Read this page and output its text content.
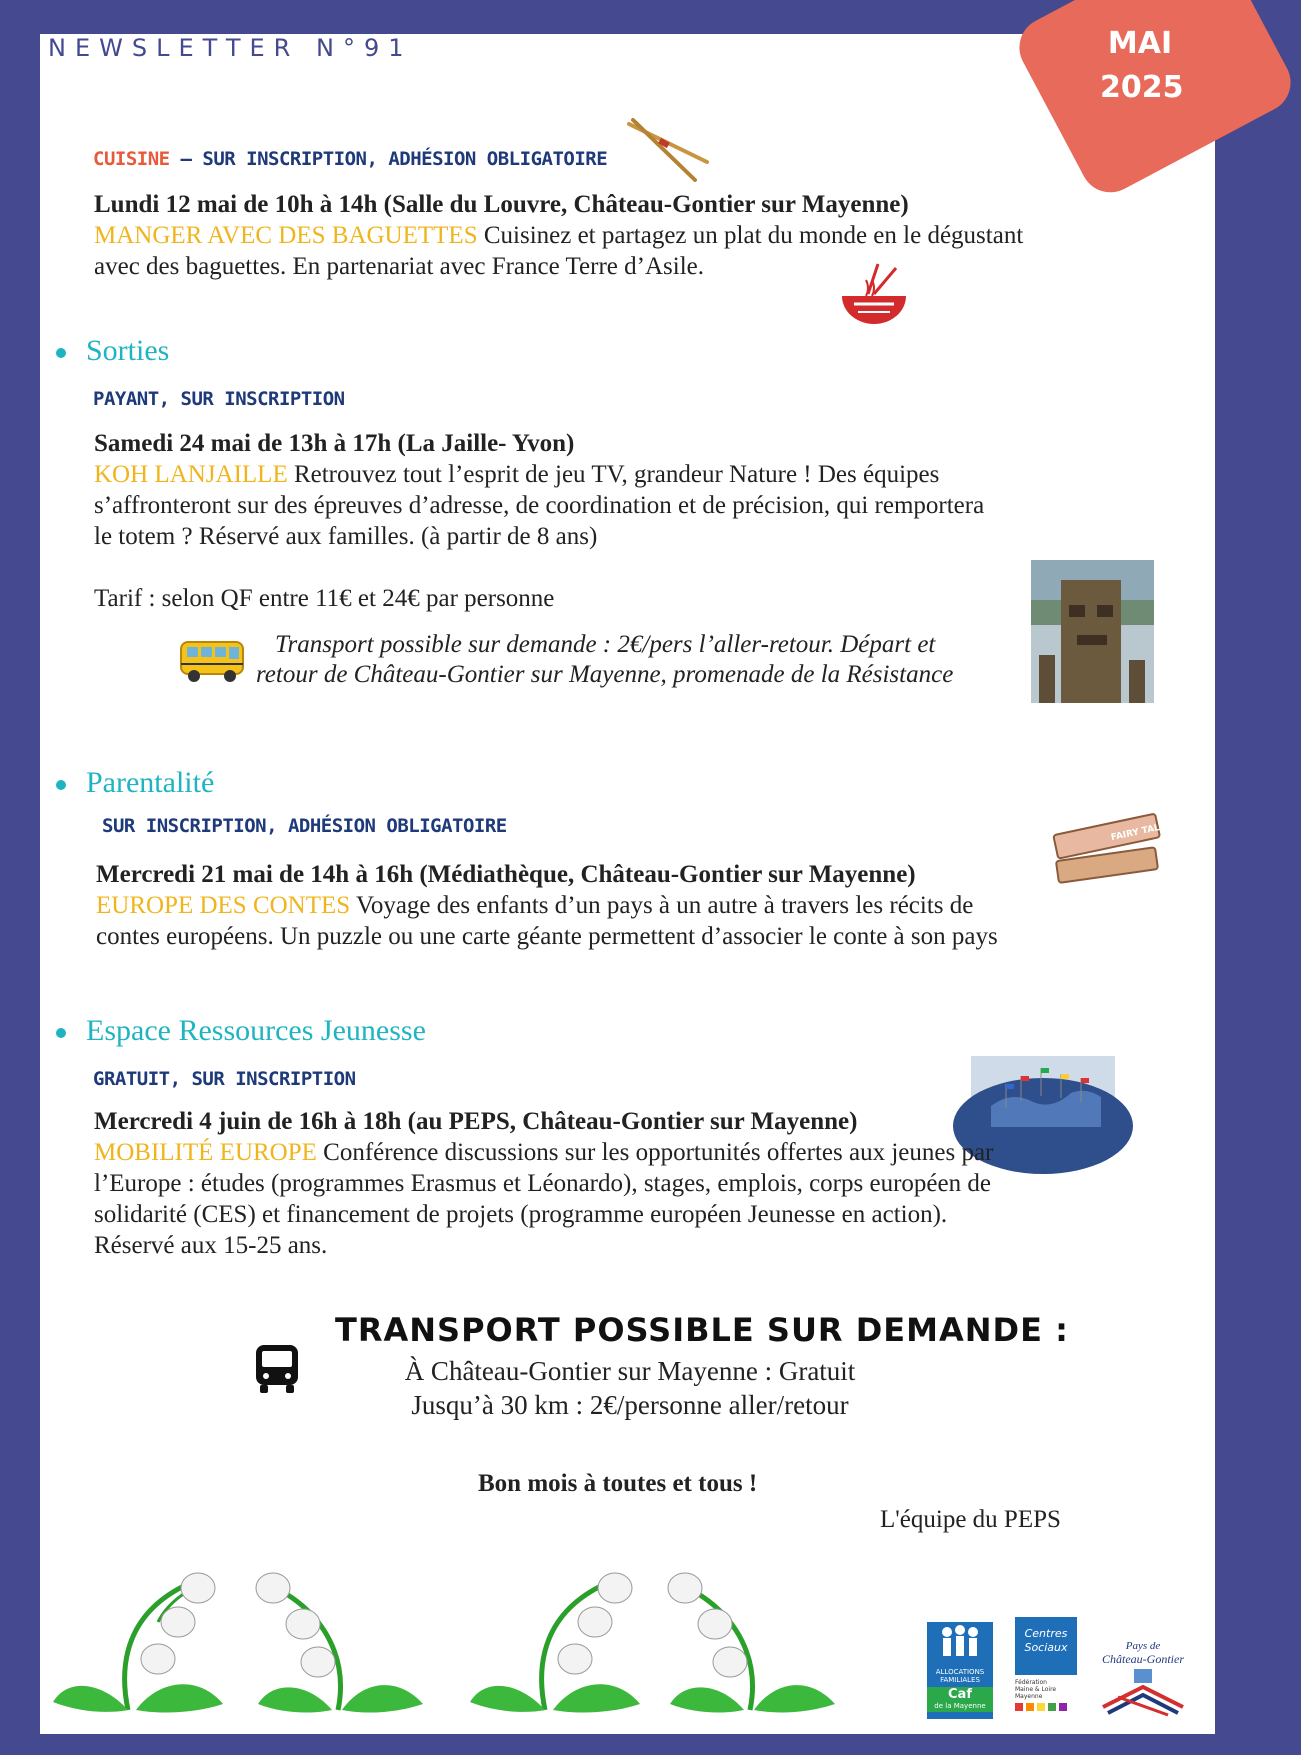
MAI
2025
NEWSLETTER N°91
CUISINE – SUR INSCRIPTION, ADHÉSION OBLIGATOIRE
Lundi 12 mai de 10h à 14h (Salle du Louvre, Château-Gontier sur Mayenne)
MANGER AVEC DES BAGUETTES Cuisinez et partagez un plat du monde en le dégustant
avec des baguettes. En partenariat avec France Terre d’Asile.
Sorties
PAYANT, SUR INSCRIPTION
Samedi 24 mai de 13h à 17h (La Jaille- Yvon)
KOH LANJAILLE Retrouvez tout l’esprit de jeu TV, grandeur Nature ! Des équipes
s’affronteront sur des épreuves d’adresse, de coordination et de précision, qui remportera
le totem ? Réservé aux familles. (à partir de 8 ans)
Tarif : selon QF entre 11€ et 24€ par personne
Transport possible sur demande : 2€/pers l’aller-retour. Départ et
retour de Château-Gontier sur Mayenne, promenade de la Résistance
Parentalité
SUR INSCRIPTION, ADHÉSION OBLIGATOIRE	FAIRY TALES
Mercredi 21 mai de 14h à 16h (Médiathèque, Château-Gontier sur Mayenne)
EUROPE DES CONTES Voyage des enfants d’un pays à un autre à travers les récits de
contes européens. Un puzzle ou une carte géante permettent d’associer le conte à son pays
Espace Ressources Jeunesse
GRATUIT, SUR INSCRIPTION
Mercredi 4 juin de 16h à 18h (au PEPS, Château-Gontier sur Mayenne)
MOBILITÉ EUROPE Conférence discussions sur les opportunités offertes aux jeunes par
l’Europe : études (programmes Erasmus et Léonardo), stages, emplois, corps européen de
solidarité (CES) et financement de projets (programme européen Jeunesse en action).
Réservé aux 15-25 ans.
TRANSPORT POSSIBLE SUR DEMANDE :
À Château-Gontier sur Mayenne : Gratuit
Jusqu’à 30 km : 2€/personne aller/retour
Bon mois à toutes et tous !
L'équipe du PEPS
ALLOCATIONS
FAMILIALES
Caf
de la Mayenne
Centres
Sociaux
Fédération
Maine & Loire
Mayenne
Pays de
Château-Gontier
